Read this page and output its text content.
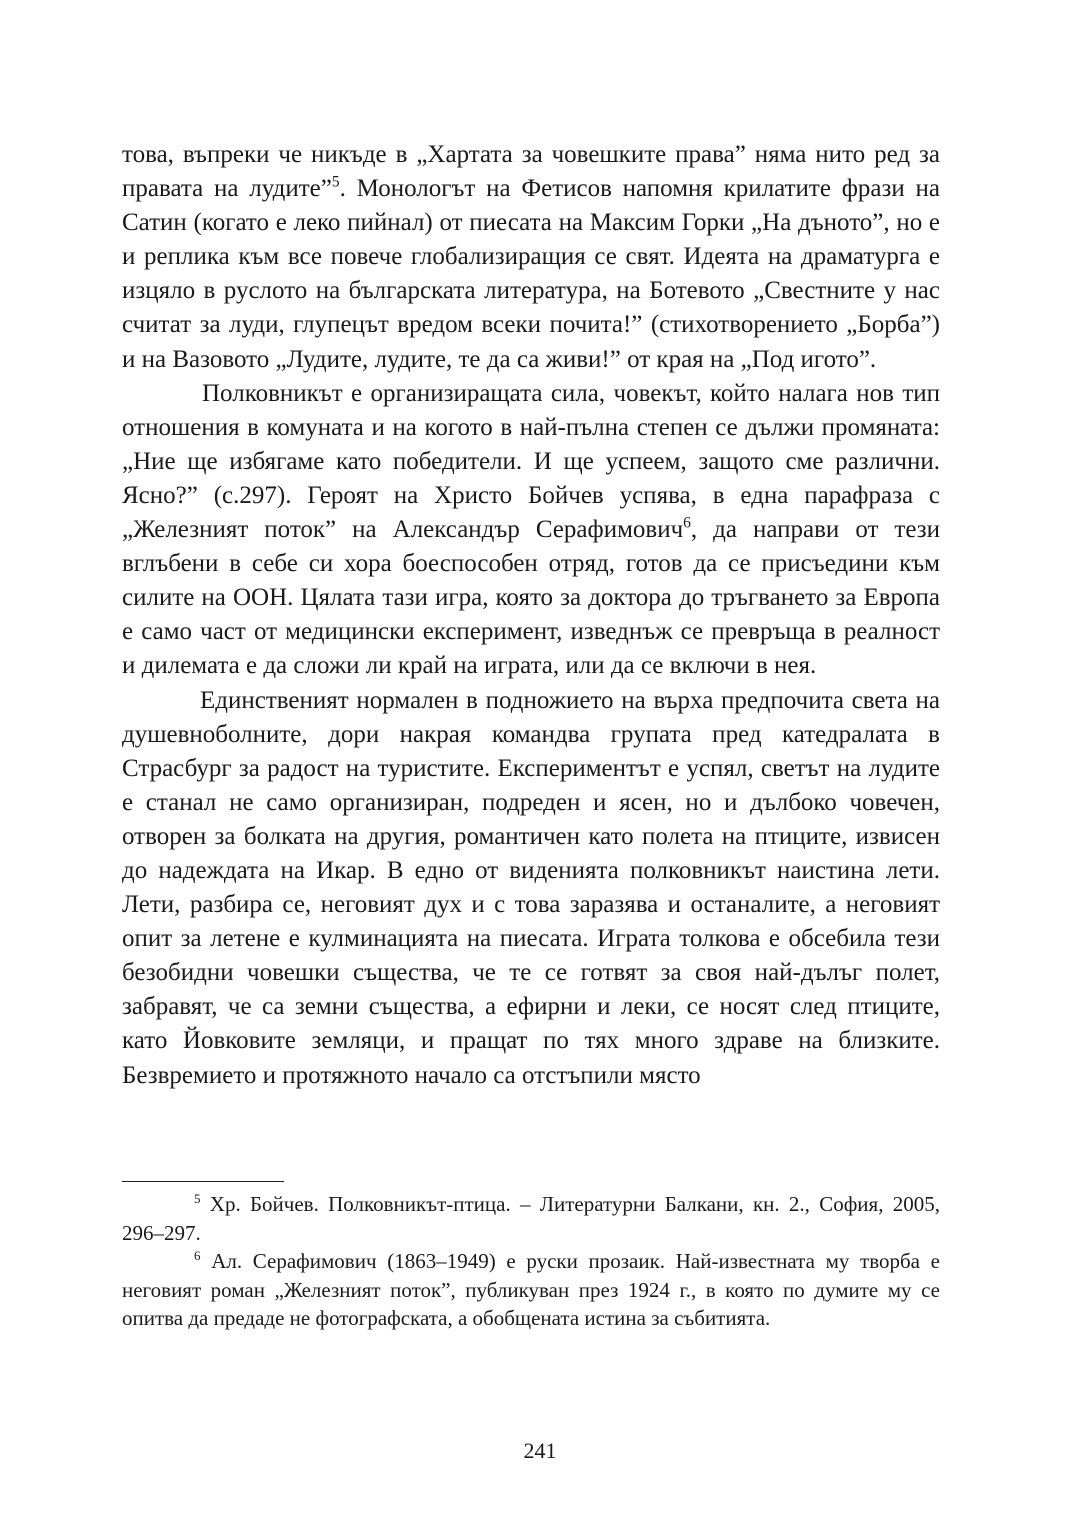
това, въпреки че никъде в „Хартата за човешките права” няма нито ред за правата на лудите”$^5$. Монологът на Фетисов напомня крилатите фрази на Сатин (когато е леко пийнал) от пиесата на Максим Горки „На дъното”, но е и реплика към все повече глобализиращия се свят. Идеята на драматурга е изцяло в руслото на българската литература, на Ботевото „Свестните у нас считат за луди, глупецът вредом всеки почита!” (стихотворението „Борба”) и на Вазовото „Лудите, лудите, те да са живи!” от края на „Под игото”.

Полковникът е организиращата сила, човекът, който налага нов тип отношения в комуната и на когото в най-пълна степен се дължи промяната: „Ние ще избягаме като победители. И ще успеем, защото сме различни. Ясно?” (с.297). Героят на Христо Бойчев успява, в една парафраза с „Железният поток” на Александър Серафимович$^6$, да направи от тези вглъбени в себе си хора боеспособен отряд, готов да се присъедини към силите на ООН. Цялата тази игра, която за доктора до тръгването за Европа е само част от медицински експеримент, изведнъж се превръща в реалност и дилемата е да сложи ли край на играта, или да се включи в нея.

Единственият нормален в подножието на върха предпочита света на душевноболните, дори накрая командва групата пред катедралата в Страсбург за радост на туристите. Експериментът е успял, светът на лудите е станал не само организиран, подреден и ясен, но и дълбоко човечен, отворен за болката на другия, романтичен като полета на птиците, извисен до надеждата на Икар. В едно от виденията полковникът наистина лети. Лети, разбира се, неговият дух и с това заразява и останалите, а неговият опит за летене е кулминацията на пиесата. Играта толкова е обсебила тези безобидни човешки същества, че те се готвят за своя най-дълъг полет, забравят, че са земни същества, а ефирни и леки, се носят след птиците, като Йовковите земляци, и пращат по тях много здраве на близките. Безвремието и протяжното начало са отстъпили място

$^5$ Хр. Бойчев. Полковникът-птица. – Литературни Балкани, кн. 2., София, 2005, 296–297.

$^6$ Ал. Серафимович (1863–1949) е руски прозаик. Най-известната му творба е неговият роман „Железният поток”, публикуван през 1924 г., в която по думите му се опитва да предаде не фотографската, а обобщената истина за събитията.

241
